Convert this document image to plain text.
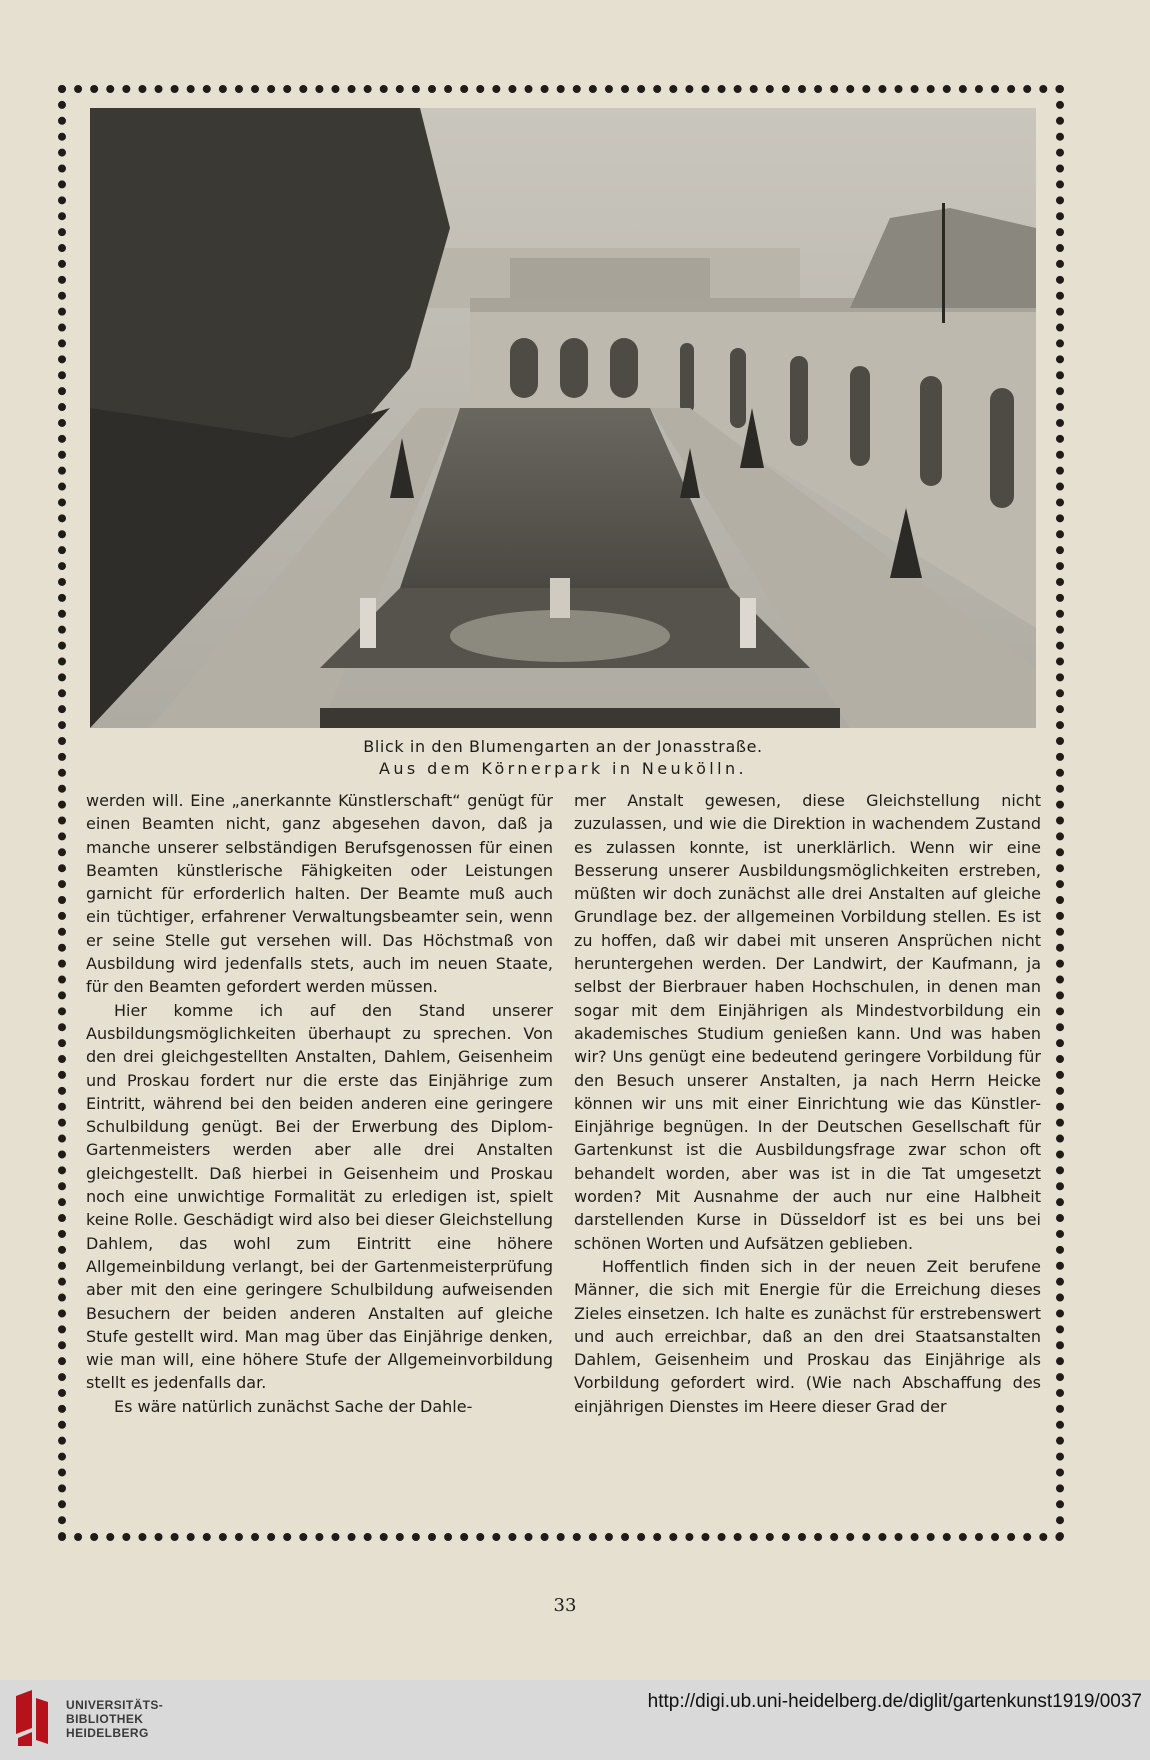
Blick in den Blumengarten an der Jonasstraße.
Aus dem Körnerpark in Neukölln.

werden will. Eine „anerkannte Künstlerschaft“ genügt für einen Beamten nicht, ganz abgesehen davon, daß ja manche unserer selbständigen Berufsgenossen für einen Beamten künstlerische Fähigkeiten oder Leistungen garnicht für erforderlich halten. Der Beamte muß auch ein tüchtiger, erfahrener Verwaltungsbeamter sein, wenn er seine Stelle gut versehen will. Das Höchstmaß von Ausbildung wird jedenfalls stets, auch im neuen Staate, für den Beamten gefordert werden müssen.

Hier komme ich auf den Stand unserer Ausbildungsmöglichkeiten überhaupt zu sprechen. Von den drei gleichgestellten Anstalten, Dahlem, Geisenheim und Proskau fordert nur die erste das Einjährige zum Eintritt, während bei den beiden anderen eine geringere Schulbildung genügt. Bei der Erwerbung des Diplom-Gartenmeisters werden aber alle drei Anstalten gleichgestellt. Daß hierbei in Geisenheim und Proskau noch eine unwichtige Formalität zu erledigen ist, spielt keine Rolle. Geschädigt wird also bei dieser Gleichstellung Dahlem, das wohl zum Eintritt eine höhere Allgemeinbildung verlangt, bei der Gartenmeisterprüfung aber mit den eine geringere Schulbildung aufweisenden Besuchern der beiden anderen Anstalten auf gleiche Stufe gestellt wird. Man mag über das Einjährige denken, wie man will, eine höhere Stufe der Allgemeinvorbildung stellt es jedenfalls dar.

Es wäre natürlich zunächst Sache der Dahle-

mer Anstalt gewesen, diese Gleichstellung nicht zuzulassen, und wie die Direktion in wachendem Zustand es zulassen konnte, ist unerklärlich. Wenn wir eine Besserung unserer Ausbildungsmöglichkeiten erstreben, müßten wir doch zunächst alle drei Anstalten auf gleiche Grundlage bez. der allgemeinen Vorbildung stellen. Es ist zu hoffen, daß wir dabei mit unseren Ansprüchen nicht heruntergehen werden. Der Landwirt, der Kaufmann, ja selbst der Bierbrauer haben Hochschulen, in denen man sogar mit dem Einjährigen als Mindestvorbildung ein akademisches Studium genießen kann. Und was haben wir? Uns genügt eine bedeutend geringere Vorbildung für den Besuch unserer Anstalten, ja nach Herrn Heicke können wir uns mit einer Einrichtung wie das Künstler-Einjährige begnügen. In der Deutschen Gesellschaft für Gartenkunst ist die Ausbildungsfrage zwar schon oft behandelt worden, aber was ist in die Tat umgesetzt worden? Mit Ausnahme der auch nur eine Halbheit darstellenden Kurse in Düsseldorf ist es bei uns bei schönen Worten und Aufsätzen geblieben.

Hoffentlich finden sich in der neuen Zeit berufene Männer, die sich mit Energie für die Erreichung dieses Zieles einsetzen. Ich halte es zunächst für erstrebenswert und auch erreichbar, daß an den drei Staatsanstalten Dahlem, Geisenheim und Proskau das Einjährige als Vorbildung gefordert wird. (Wie nach Abschaffung des einjährigen Dienstes im Heere dieser Grad der

33
UNIVERSITÄTS-
BIBLIOTHEK
HEIDELBERG
http://digi.ub.uni-heidelberg.de/diglit/gartenkunst1919/0037
